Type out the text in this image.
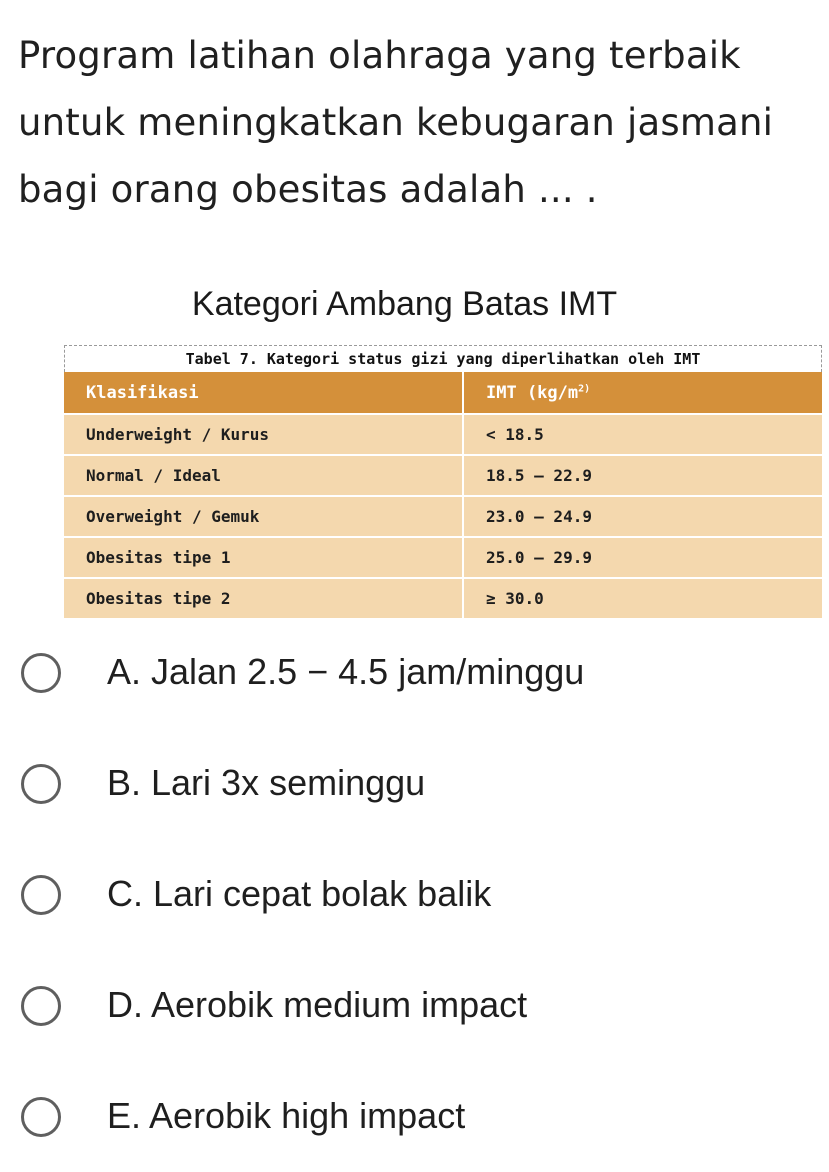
Program latihan olahraga yang terbaik
untuk meningkatkan kebugaran jasmani
bagi orang obesitas adalah ... .
Kategori Ambang Batas IMT
Tabel 7. Kategori status gizi yang diperlihatkan oleh IMT
Klasifikasi	IMT ($kg/m^{2)}$
Underweight / Kurus	< 18.5
Normal / Ideal	18.5 – 22.9
Overweight / Gemuk	23.0 – 24.9
Obesitas tipe 1	25.0 – 29.9
Obesitas tipe 2	≥ 30.0
A. Jalan 2.5 − 4.5 jam/minggu
B. Lari 3x seminggu
C. Lari cepat bolak balik
D. Aerobik medium impact
E. Aerobik high impact
